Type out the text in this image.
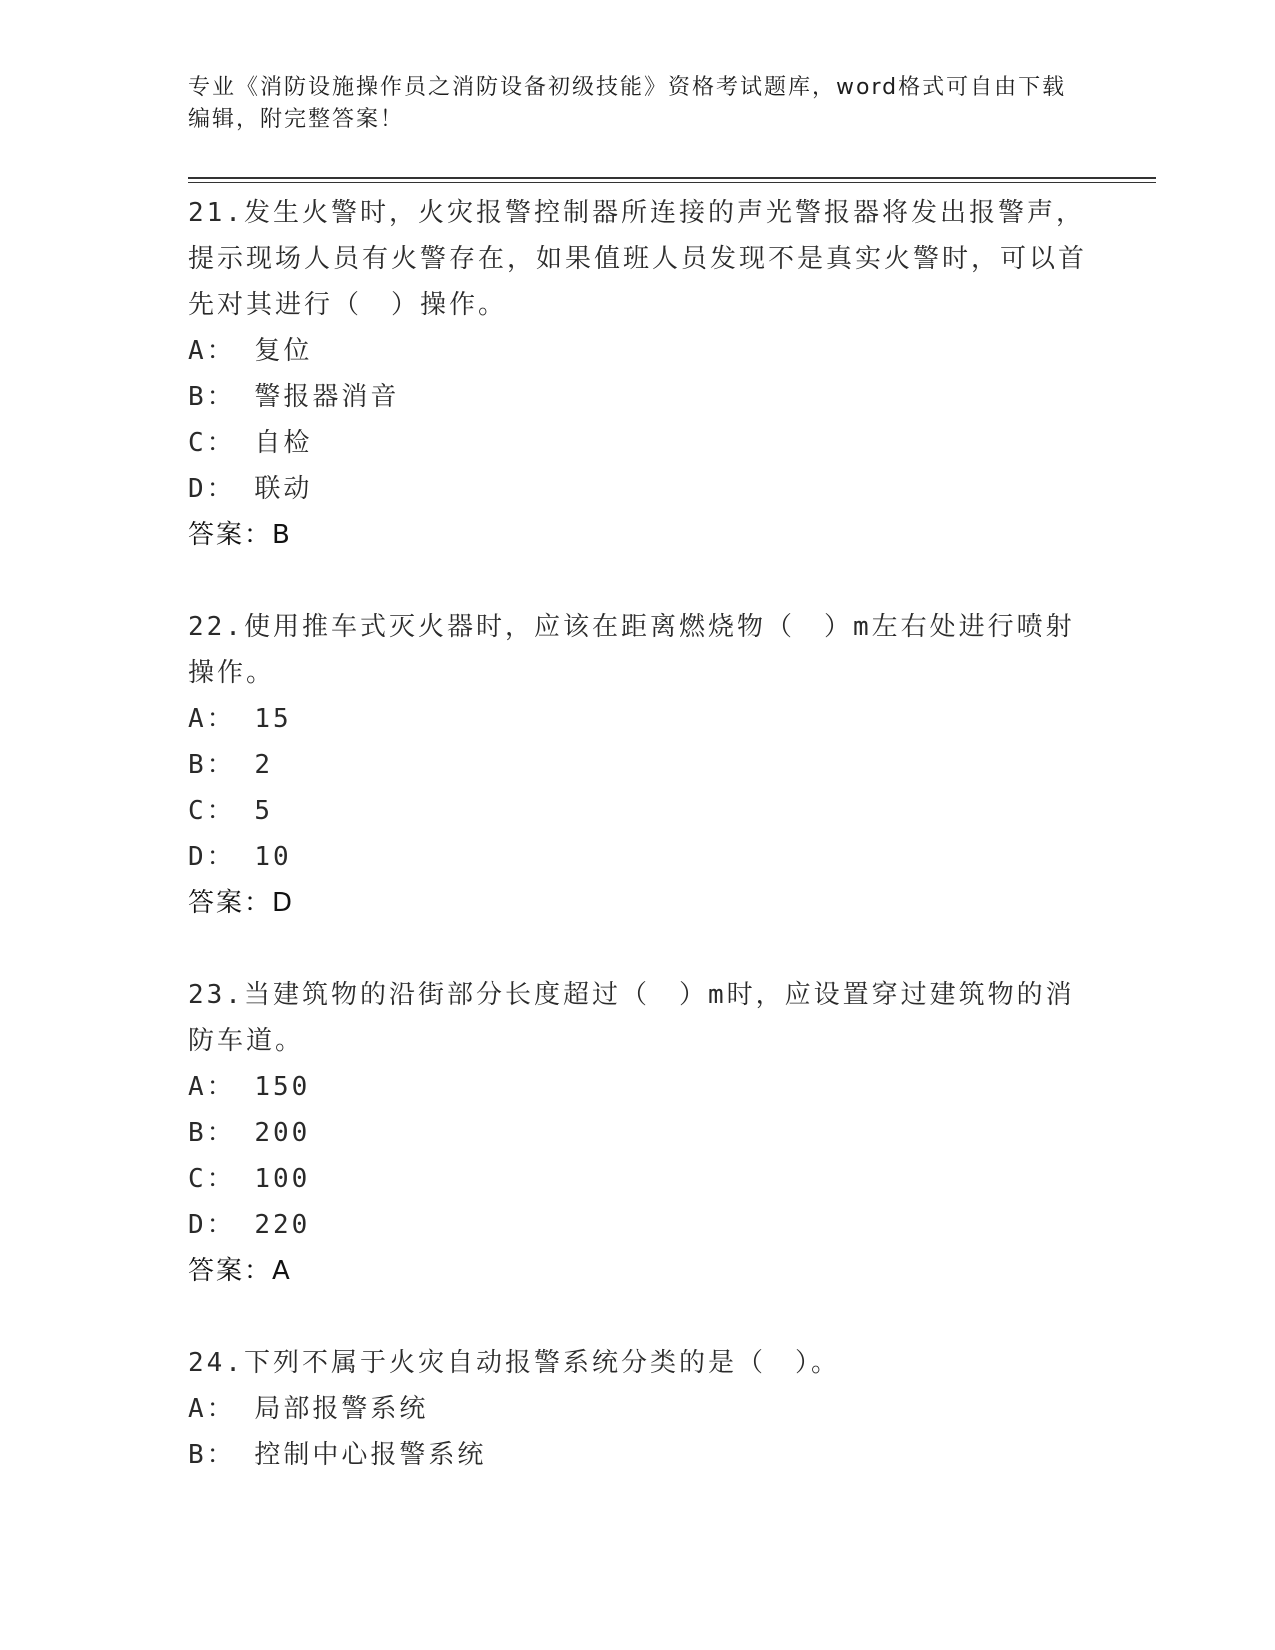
专业《消防设施操作员之消防设备初级技能》资格考试题库，word格式可自由下载编辑，附完整答案！

21.发生火警时，火灾报警控制器所连接的声光警报器将发出报警声，提示现场人员有火警存在，如果值班人员发现不是真实火警时，可以首先对其进行（　）操作。

A： 复位
B： 警报器消音
C： 自检
D： 联动
答案：B

22.使用推车式灭火器时，应该在距离燃烧物（　）m左右处进行喷射操作。

A： 15
B： 2
C： 5
D： 10
答案：D

23.当建筑物的沿街部分长度超过（　）m时，应设置穿过建筑物的消防车道。

A： 150
B： 200
C： 100
D： 220
答案：A

24.下列不属于火灾自动报警系统分类的是（　）。

A： 局部报警系统
B： 控制中心报警系统
